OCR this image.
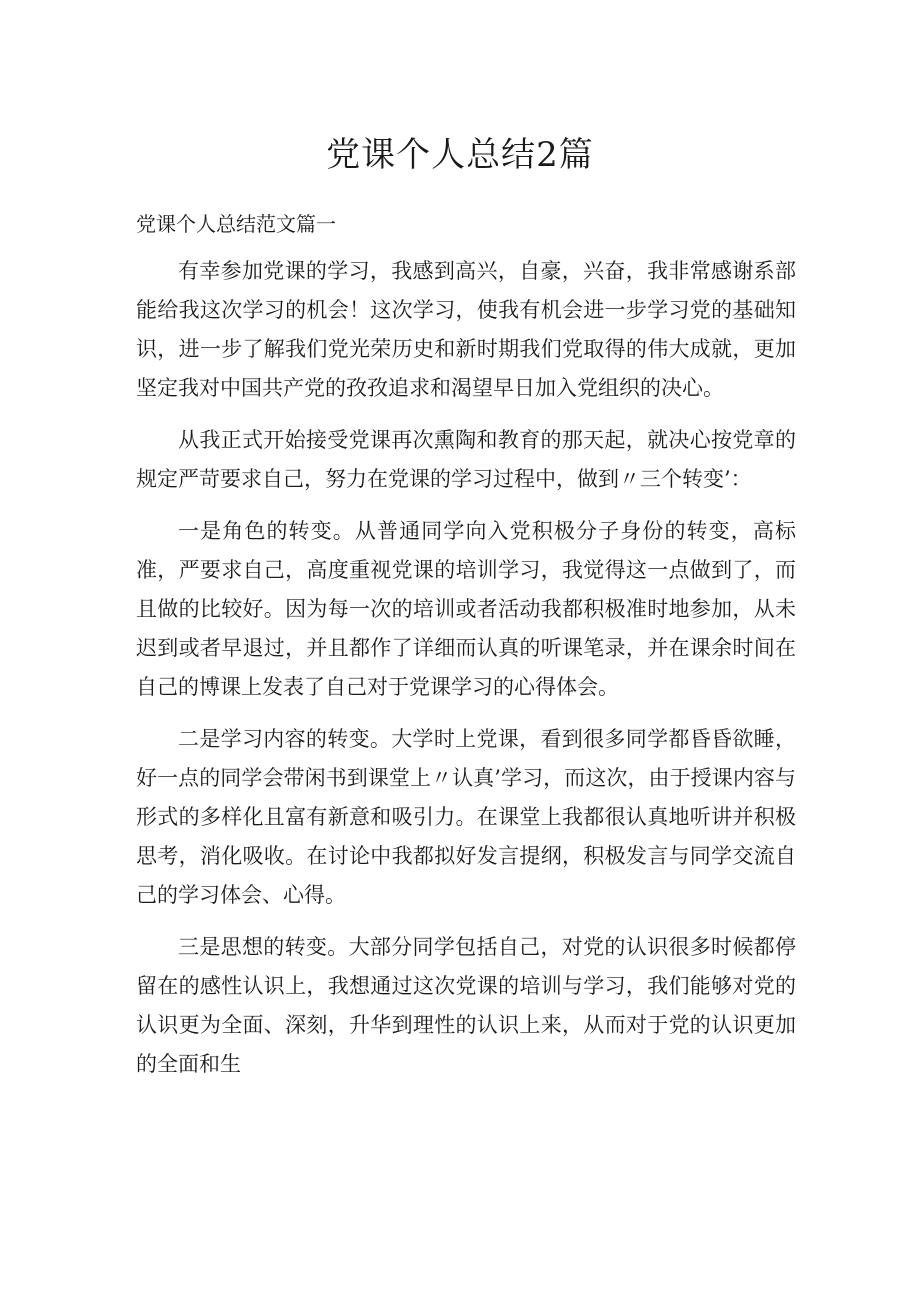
党课个人总结2篇
党课个人总结范文篇一

有幸参加党课的学习，我感到高兴，自豪，兴奋，我非常感谢系部能给我这次学习的机会！这次学习，使我有机会进一步学习党的基础知识，进一步了解我们党光荣历史和新时期我们党取得的伟大成就，更加坚定我对中国共产党的孜孜追求和渴望早日加入党组织的决心。

从我正式开始接受党课再次熏陶和教育的那天起，就决心按党章的规定严苛要求自己，努力在党课的学习过程中，做到〃三个转变’：

一是角色的转变。从普通同学向入党积极分子身份的转变，高标准，严要求自己，高度重视党课的培训学习，我觉得这一点做到了，而且做的比较好。因为每一次的培训或者活动我都积极准时地参加，从未迟到或者早退过，并且都作了详细而认真的听课笔录，并在课余时间在自己的博课上发表了自己对于党课学习的心得体会。

二是学习内容的转变。大学时上党课，看到很多同学都昏昏欲睡，好一点的同学会带闲书到课堂上〃认真’学习，而这次，由于授课内容与形式的多样化且富有新意和吸引力。在课堂上我都很认真地听讲并积极思考，消化吸收。在讨论中我都拟好发言提纲，积极发言与同学交流自己的学习体会、心得。

三是思想的转变。大部分同学包括自己，对党的认识很多时候都停留在的感性认识上，我想通过这次党课的培训与学习，我们能够对党的认识更为全面、深刻，升华到理性的认识上来，从而对于党的认识更加的全面和生
